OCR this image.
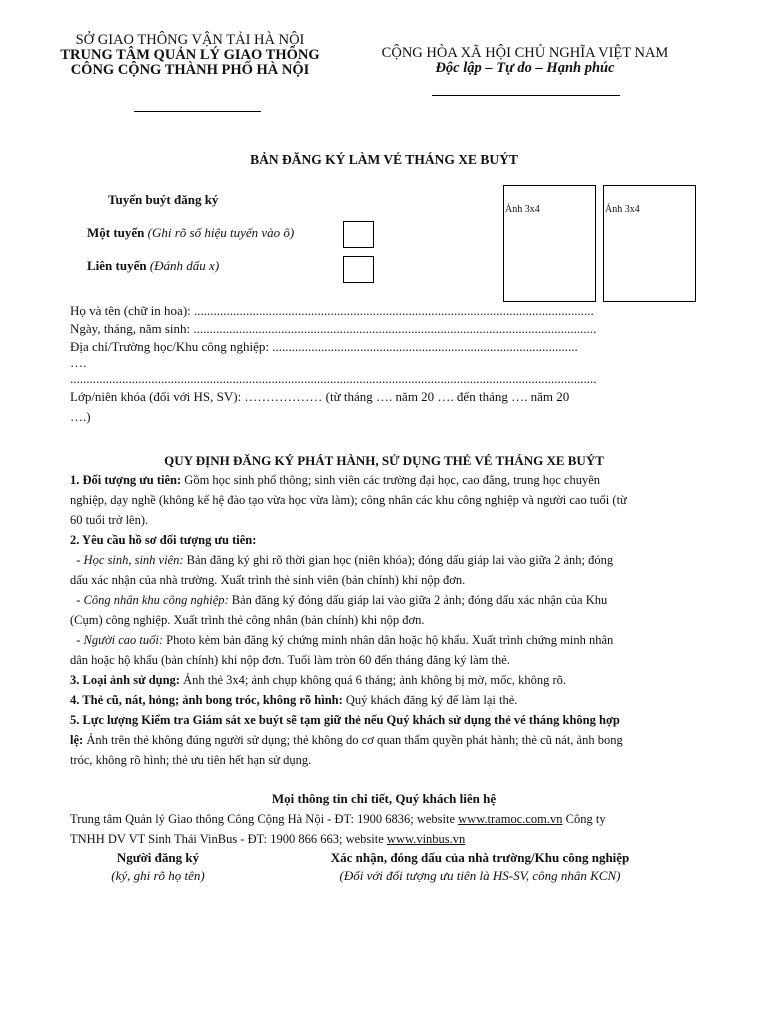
SỞ GIAO THÔNG VẬN TẢI HÀ NỘI
TRUNG TÂM QUẢN LÝ GIAO THÔNG
CÔNG CỘNG THÀNH PHỐ HÀ NỘI
CỘNG HÒA XÃ HỘI CHỦ NGHĨA VIỆT NAM
Độc lập – Tự do – Hạnh phúc
BẢN ĐĂNG KÝ LÀM VÉ THÁNG XE BUÝT
Tuyến buýt đăng ký
Một tuyến (Ghi rõ số hiệu tuyến vào ô)
Liên tuyến (Đánh dấu x)
Ảnh 3x4	Ảnh 3x4
Họ và tên (chữ in hoa): ...........................................................................................................................
Ngày, tháng, năm sinh: ............................................................................................................................
Địa chỉ/Trường học/Khu công nghiệp: ..............................................................................................
….
..................................................................................................................................................................
Lớp/niên khóa (đối với HS, SV): ……………… (từ tháng …. năm 20 …. đến tháng …. năm 20
….)
QUY ĐỊNH ĐĂNG KÝ PHÁT HÀNH, SỬ DỤNG THẺ VÉ THÁNG XE BUÝT
1. Đối tượng ưu tiên: Gồm học sinh phổ thông; sinh viên các trường đại học, cao đẳng, trung học chuyên
nghiệp, dạy nghề (không kể hệ đào tạo vừa học vừa làm); công nhân các khu công nghiệp và người cao tuổi (từ
60 tuổi trở lên).
2. Yêu cầu hồ sơ đối tượng ưu tiên:
- Học sinh, sinh viên: Bản đăng ký ghi rõ thời gian học (niên khóa); đóng dấu giáp lai vào giữa 2 ảnh; đóng
dấu xác nhận của nhà trường. Xuất trình thẻ sinh viên (bản chính) khi nộp đơn.
- Công nhân khu công nghiệp: Bản đăng ký đóng dấu giáp lai vào giữa 2 ảnh; đóng dấu xác nhận của Khu
(Cụm) công nghiệp. Xuất trình thẻ công nhân (bản chính) khi nộp đơn.
- Người cao tuổi: Photo kèm bản đăng ký chứng minh nhân dân hoặc hộ khẩu. Xuất trình chứng minh nhân
dân hoặc hộ khẩu (bản chính) khi nộp đơn. Tuổi làm tròn 60 đến tháng đăng ký làm thẻ.
3. Loại ảnh sử dụng: Ảnh thẻ 3x4; ảnh chụp không quá 6 tháng; ảnh không bị mờ, mốc, không rõ.
4. Thẻ cũ, nát, hỏng; ảnh bong tróc, không rõ hình: Quý khách đăng ký để làm lại thẻ.
5. Lực lượng Kiểm tra Giám sát xe buýt sẽ tạm giữ thẻ nếu Quý khách sử dụng thẻ vé tháng không hợp
lệ: Ảnh trên thẻ không đúng người sử dụng; thẻ không do cơ quan thẩm quyền phát hành; thẻ cũ nát, ảnh bong
tróc, không rõ hình; thẻ ưu tiên hết hạn sử dụng.
Mọi thông tin chi tiết, Quý khách liên hệ
Trung tâm Quản lý Giao thông Công Cộng Hà Nội - ĐT: 1900 6836; website www.tramoc.com.vn Công ty
TNHH DV VT Sinh Thái VinBus - ĐT: 1900 866 663; website www.vinbus.vn
Người đăng ký
(ký, ghi rõ họ tên)
Xác nhận, đóng dấu của nhà trường/Khu công nghiệp
(Đối với đối tượng ưu tiên là HS-SV, công nhân KCN)
